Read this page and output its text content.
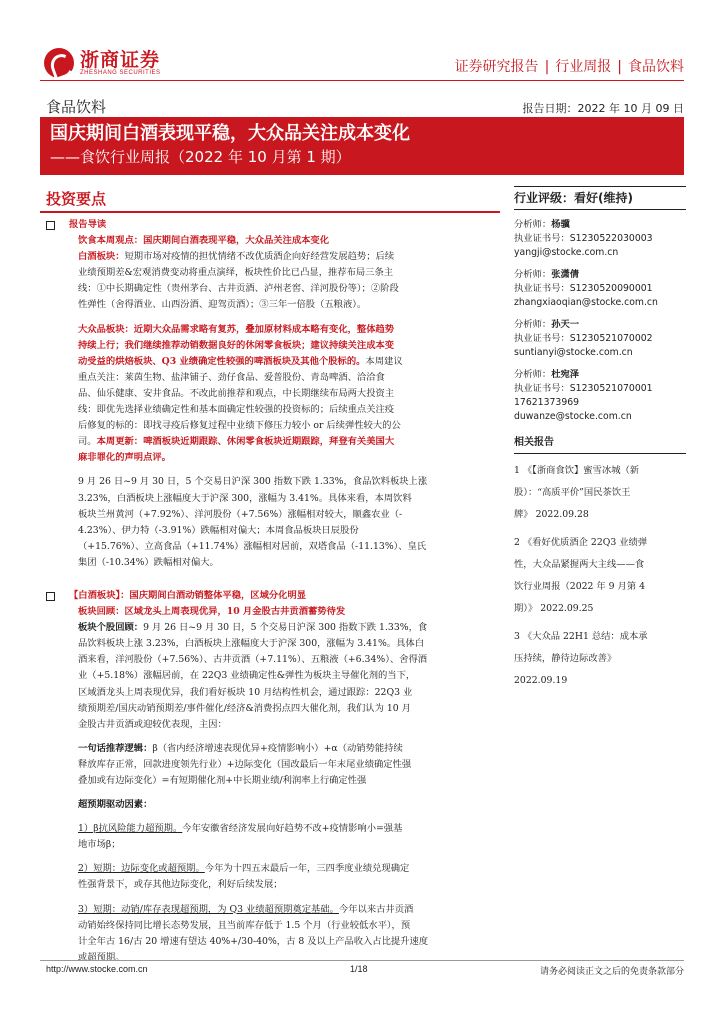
浙商证券
ZHESHANG SECURITIES	证券研究报告 | 行业周报 | 食品饮料
食品饮料	报告日期：2022 年 10 月 09 日
国庆期间白酒表现平稳，大众品关注成本变化
——食饮行业周报（2022 年 10 月第 1 期）
投资要点
报告导读

饮食本周观点：国庆期间白酒表现平稳，大众品关注成本变化

白酒板块：短期市场对疫情的担忧情绪不改优质酒企向好经营发展趋势；后续

业绩预期差&宏观消费变动将重点演绎，板块性价比已凸显，推荐布局三条主

线：①中长期确定性（贵州茅台、古井贡酒、泸州老窖、洋河股份等）；②阶段

性弹性（舍得酒业、山西汾酒、迎驾贡酒）；③三年一倍股（五粮液）。

大众品板块：近期大众品需求略有复苏，叠加原材料成本略有变化，整体趋势

持续上行；我们继续推荐动销数据良好的休闲零食板块；建议持续关注成本变

动受益的烘焙板块、Q3 业绩确定性较强的啤酒板块及其他个股标的。本周建议

重点关注：莱茵生物、盐津铺子、劲仔食品、爱普股份、青岛啤酒、洽洽食

品、仙乐健康、安井食品。不改此前推荐和观点，中长期继续布局两大投资主

线：即优先选择业绩确定性和基本面确定性较强的投资标的；后续重点关注疫

后修复的标的：即找寻疫后修复过程中业绩下修压力较小 or 后续弹性较大的公

司。本周更新：啤酒板块近期跟踪、休闲零食板块近期跟踪，拜登有关美国大

麻非罪化的声明点评。

9 月 26 日~9 月 30 日，5 个交易日沪深 300 指数下跌 1.33%，食品饮料板块上涨

3.23%，白酒板块上涨幅度大于沪深 300，涨幅为 3.41%。具体来看，本周饮料

板块兰州黄河（+7.92%）、洋河股份（+7.56%）涨幅相对较大，顺鑫农业（-

4.23%）、伊力特（-3.91%）跌幅相对偏大；本周食品板块日辰股份

（+15.76%）、立高食品（+11.74%）涨幅相对居前，双塔食品（-11.13%）、皇氏

集团（-10.34%）跌幅相对偏大。

【白酒板块】：国庆期间白酒动销整体平稳，区域分化明显

板块回顾：区域龙头上周表现优异，10 月金股古井贡酒蓄势待发

板块个股回顾：9 月 26 日~9 月 30 日，5 个交易日沪深 300 指数下跌 1.33%，食

品饮料板块上涨 3.23%，白酒板块上涨幅度大于沪深 300，涨幅为 3.41%。具体白

酒来看，洋河股份（+7.56%）、古井贡酒（+7.11%）、五粮液（+6.34%）、舍得酒

业（+5.18%）涨幅居前，在 22Q3 业绩确定性&弹性为板块主导催化剂的当下，

区域酒龙头上周表现优异，我们看好板块 10 月结构性机会，通过跟踪：22Q3 业

绩预期差/国庆动销预期差/事件催化/经济&消费拐点四大催化剂，我们认为 10 月

金股古井贡酒或迎较优表现，主因：

一句话推荐逻辑：β（省内经济增速表现优异+疫情影响小）+α（动销势能持续

释放库存正常，回款进度领先行业）+边际变化（国改最后一年末尾业绩确定性强

叠加或有边际变化）=有短期催化剂+中长期业绩/利润率上行确定性强

超预期驱动因素：

1）β抗风险能力超预期。今年安徽省经济发展向好趋势不改+疫情影响小=强基

地市场β；

2）短期：边际变化或超预期。今年为十四五末最后一年，三四季度业绩兑现确定

性强背景下，或存其他边际变化，利好后续发展；

3）短期：动销/库存表现超预期，为 Q3 业绩超预期奠定基础。今年以来古井贡酒

动销始终保持同比增长态势发展，且当前库存低于 1.5 个月（行业较低水平），预

计全年古 16/古 20 增速有望达 40%+/30-40%，古 8 及以上产品收入占比提升速度

或超预期。

行业评级：看好(维持)
分析师：杨骥
执业证书号：S1230522030003
yangji@stocke.com.cn
分析师：张潇倩
执业证书号：S1230520090001
zhangxiaoqian@stocke.com.cn
分析师：孙天一
执业证书号：S1230521070002
suntianyi@stocke.com.cn
分析师：杜宛泽
执业证书号：S1230521070001
17621373969
duwanze@stocke.com.cn
相关报告
1 《【浙商食饮】蜜雪冰城（新
股）：“高质平价”国民茶饮王
牌》 2022.09.28
2 《看好优质酒企 22Q3 业绩弹
性，大众品紧握两大主线——食
饮行业周报（2022 年 9 月第 4
期）》 2022.09.25
3 《大众品 22H1 总结：成本承
压持续，静待边际改善》
2022.09.19
http://www.stocke.com.cn	1/18	请务必阅读正文之后的免责条款部分
